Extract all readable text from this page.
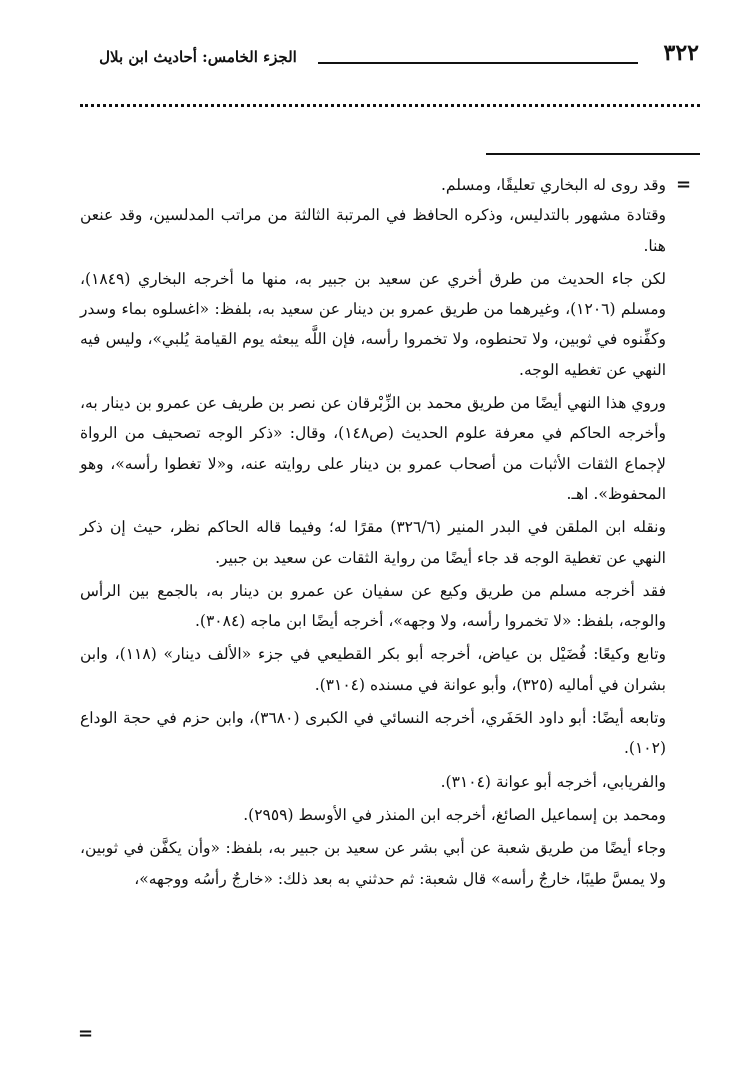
٣٢٢
الجزء الخامس: أحاديث ابن بلال
=

وقد روى له البخاري تعليقًا، ومسلم.

وقتادة مشهور بالتدليس، وذكره الحافظ في المرتبة الثالثة من مراتب المدلسين، وقد عنعن هنا.

لكن جاء الحديث من طرق أخري عن سعيد بن جبير به، منها ما أخرجه البخاري (١٨٤٩)، ومسلم (١٢٠٦)، وغيرهما من طريق عمرو بن دينار عن سعيد به، بلفظ: «اغسلوه بماء وسدر وكفِّنوه في ثوبين، ولا تحنطوه، ولا تخمروا رأسه، فإن اللَّه يبعثه يوم القيامة يُلبي»، وليس فيه النهي عن تغطيه الوجه.

وروي هذا النهي أيضًا من طريق محمد بن الزِّبْرقان عن نصر بن طريف عن عمرو بن دينار به، وأخرجه الحاكم في معرفة علوم الحديث (ص١٤٨)، وقال: «ذكر الوجه تصحيف من الرواة لإجماع الثقات الأثبات من أصحاب عمرو بن دينار على روايته عنه، و«لا تغطوا رأسه»، وهو المحفوظ». اهـ.

ونقله ابن الملقن في البدر المنير (٣٢٦/٦) مقرًا له؛ وفيما قاله الحاكم نظر، حيث إن ذكر النهي عن تغطية الوجه قد جاء أيضًا من رواية الثقات عن سعيد بن جبير.

فقد أخرجه مسلم من طريق وكيع عن سفيان عن عمرو بن دينار به، بالجمع بين الرأس والوجه، بلفظ: «لا تخمروا رأسه، ولا وجهه»، أخرجه أيضًا ابن ماجه (٣٠٨٤).

وتابع وكيعًا: فُضَيْل بن عياض، أخرجه أبو بكر القطيعي في جزء «الألف دينار» (١١٨)، وابن بشران في أماليه (٣٢٥)، وأبو عوانة في مسنده (٣١٠٤).

وتابعه أيضًا: أبو داود الحَفَري، أخرجه النسائي في الكبرى (٣٦٨٠)، وابن حزم في حجة الوداع (١٠٢).

والفريابي، أخرجه أبو عوانة (٣١٠٤).

ومحمد بن إسماعيل الصائغ، أخرجه ابن المنذر في الأوسط (٢٩٥٩).

وجاء أيضًا من طريق شعبة عن أبي بشر عن سعيد بن جبير به، بلفظ: «وأن يكفَّن في ثوبين، ولا يمسَّ طيبًا، خارجٌ رأسه» قال شعبة: ثم حدثني به بعد ذلك: «خارجٌ رأسُه ووجهه»،

=
